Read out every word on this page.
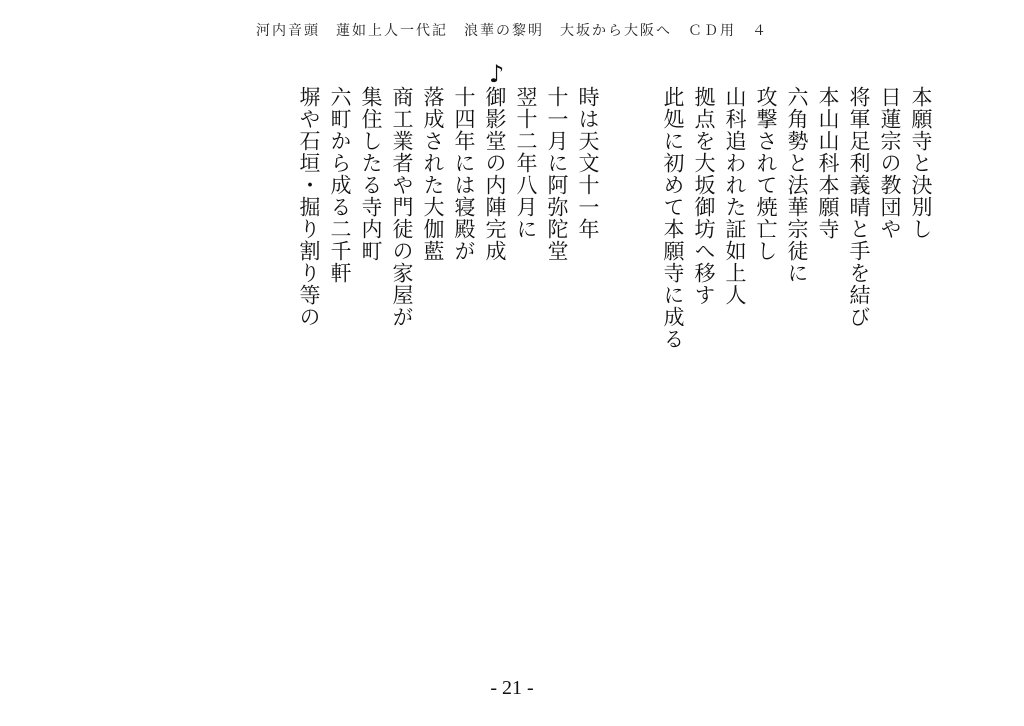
河内音頭　蓮如上人一代記　浪華の黎明　大坂から大阪へ　ＣＤ用　４
♪
本願寺と決別し
日蓮宗の教団や
将軍足利義晴と手を結び
本山山科本願寺
六角勢と法華宗徒に
攻撃されて焼亡し
山科追われた証如上人
拠点を大坂御坊へ移す
此処に初めて本願寺に成る
時は天文十一年
十一月に阿弥陀堂
翌十二年八月に
御影堂の内陣完成
十四年には寝殿が
落成された大伽藍
商工業者や門徒の家屋が
集住したる寺内町
六町から成る二千軒
塀や石垣・掘り割り等の
- 21 -
